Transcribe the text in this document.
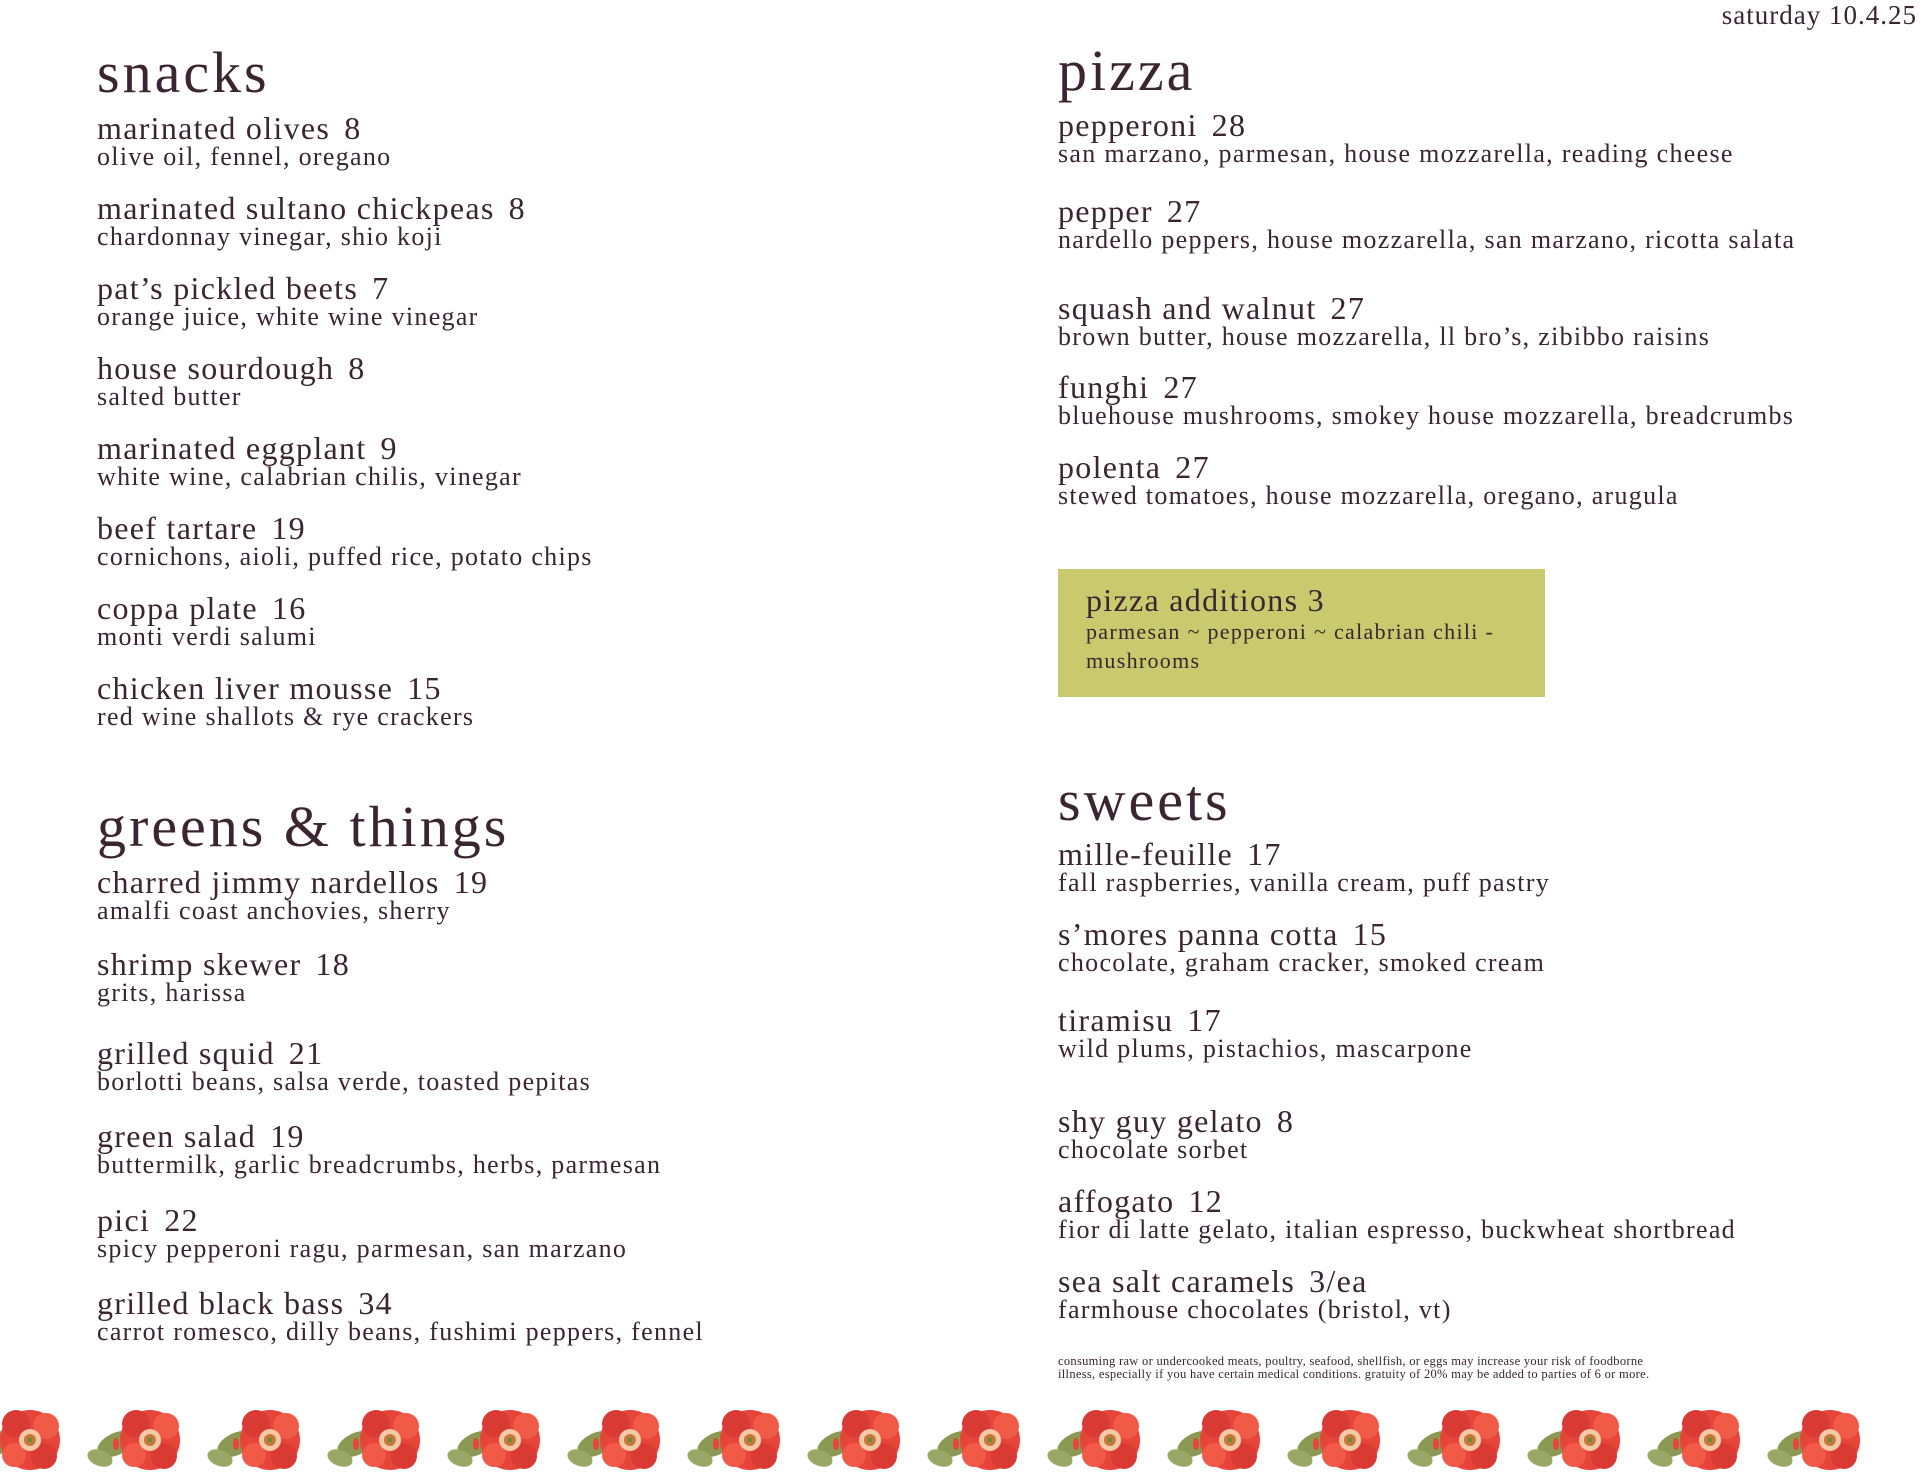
saturday 10.4.25
snacks
marinated olives 8
olive oil, fennel, oregano
marinated sultano chickpeas 8
chardonnay vinegar, shio koji
pat’s pickled beets 7
orange juice, white wine vinegar
house sourdough 8
salted butter
marinated eggplant 9
white wine, calabrian chilis, vinegar
beef tartare 19
cornichons, aioli, puffed rice, potato chips
coppa plate 16
monti verdi salumi
chicken liver mousse 15
red wine shallots & rye crackers
greens & things
charred jimmy nardellos 19
amalfi coast anchovies, sherry
shrimp skewer 18
grits, harissa
grilled squid 21
borlotti beans, salsa verde, toasted pepitas
green salad 19
buttermilk, garlic breadcrumbs, herbs, parmesan
pici 22
spicy pepperoni ragu, parmesan, san marzano
grilled black bass 34
carrot romesco, dilly beans, fushimi peppers, fennel
pizza
pepperoni 28
san marzano, parmesan, house mozzarella, reading cheese
pepper 27
nardello peppers, house mozzarella, san marzano, ricotta salata
squash and walnut 27
brown butter, house mozzarella, ll bro’s, zibibbo raisins
funghi 27
bluehouse mushrooms, smokey house mozzarella, breadcrumbs
polenta 27
stewed tomatoes, house mozzarella, oregano, arugula
sweets
mille-feuille 17
fall raspberries, vanilla cream, puff pastry
s’mores panna cotta 15
chocolate, graham cracker, smoked cream
tiramisu 17
wild plums, pistachios, mascarpone
shy guy gelato 8
chocolate sorbet
affogato 12
fior di latte gelato, italian espresso, buckwheat shortbread
sea salt caramels 3/ea
farmhouse chocolates (bristol, vt)
pizza additions 3
parmesan ~ pepperoni ~ calabrian chili -
mushrooms
consuming raw or undercooked meats, poultry, seafood, shellfish, or eggs may increase your risk of foodborne
illness, especially if you have certain medical conditions. gratuity of 20% may be added to parties of 6 or more.
